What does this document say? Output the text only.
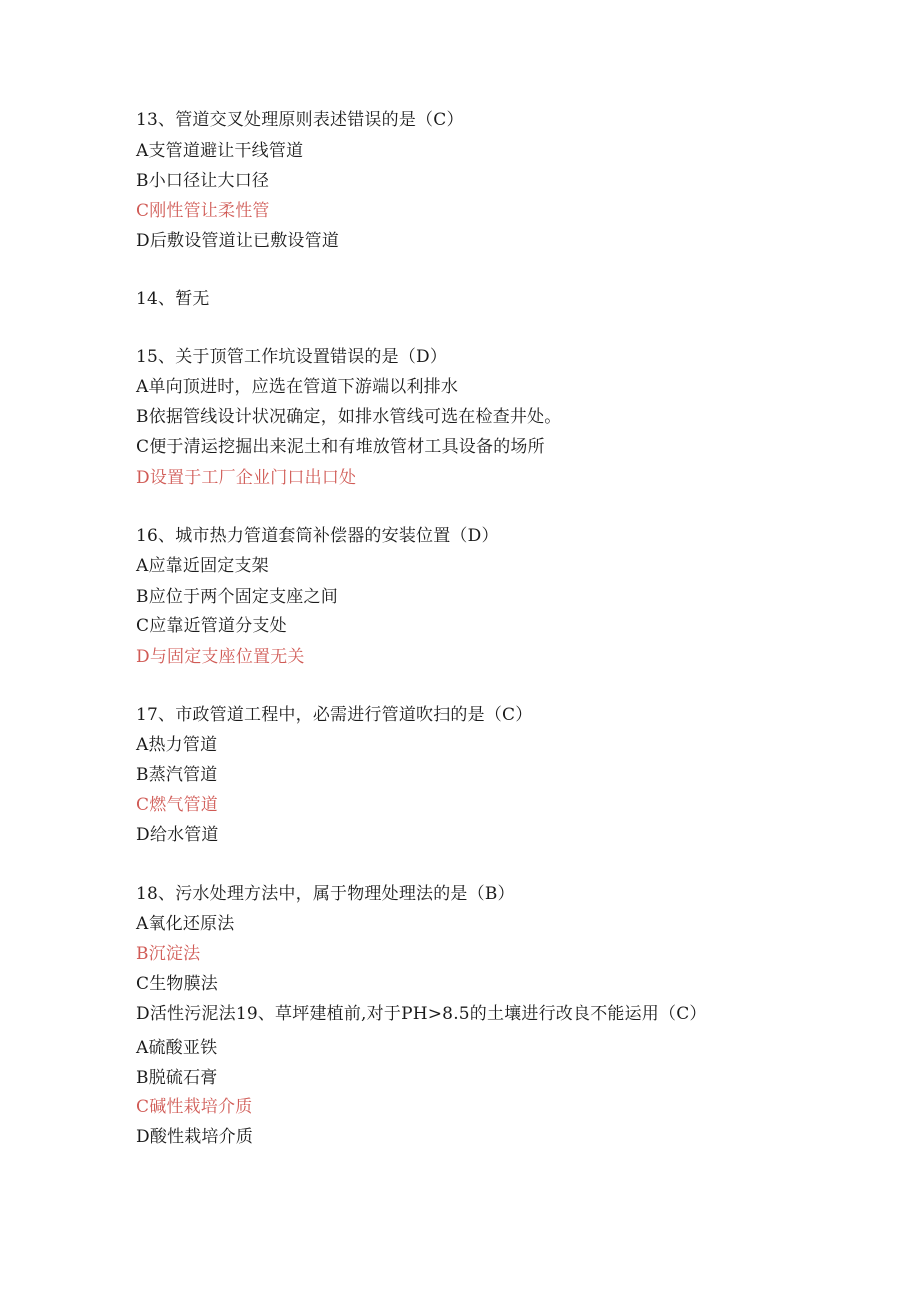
13、管道交叉处理原则表述错误的是（C）
A支管道避让干线管道
B小口径让大口径
C刚性管让柔性管
D后敷设管道让已敷设管道
14、暂无
15、关于顶管工作坑设置错误的是（D）
A单向顶进时，应选在管道下游端以利排水
B依据管线设计状况确定，如排水管线可选在检查井处。
C便于清运挖掘出来泥土和有堆放管材工具设备的场所
D设置于工厂企业门口出口处
16、城市热力管道套筒补偿器的安装位置（D）
A应靠近固定支架
B应位于两个固定支座之间
C应靠近管道分支处
D与固定支座位置无关
17、市政管道工程中，必需进行管道吹扫的是（C）
A热力管道
B蒸汽管道
C燃气管道
D给水管道
18、污水处理方法中，属于物理处理法的是（B）
A氧化还原法
B沉淀法
C生物膜法
D活性污泥法19、草坪建植前,对于PH>8.5的土壤进行改良不能运用（C）
A硫酸亚铁
B脱硫石膏
C碱性栽培介质
D酸性栽培介质
